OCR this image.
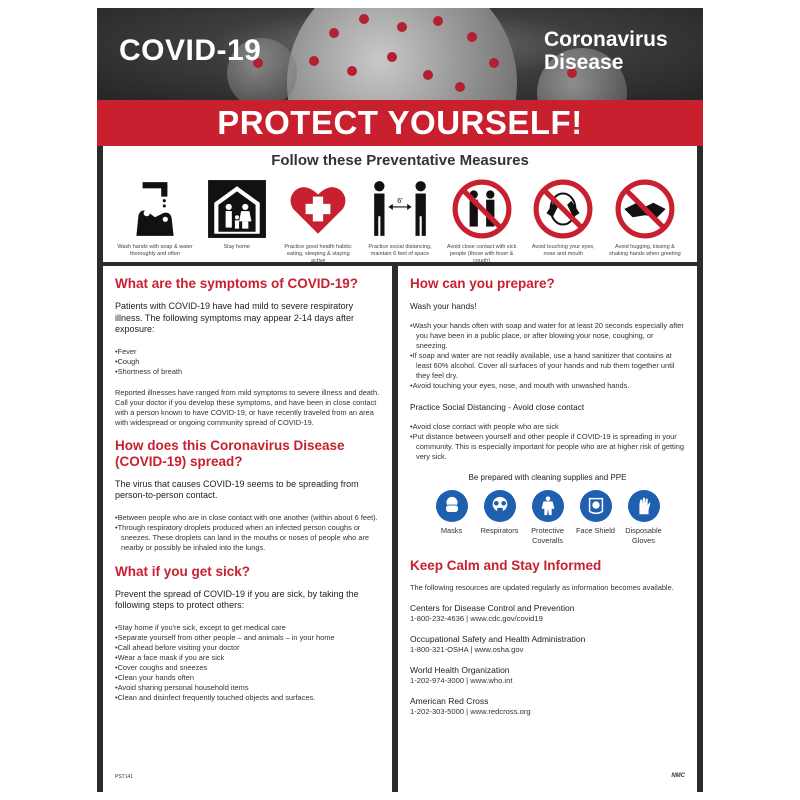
COVID-19	Coronavirus
Disease
PROTECT YOURSELF!
Follow these Preventative Measures
Wash hands with soap & water thoroughly and often
Stay home	Practice good health habits: eating, sleeping & staying active
6'
Practice social distancing, maintain 6 feet of space
Avoid close contact with sick people (those with fever & cough)
Avoid touching your eyes, nose and mouth
Avoid hugging, kissing & shaking hands when greeting
What are the symptoms of COVID-19?
Patients with COVID-19 have had mild to severe respiratory illness. The following symptoms may appear 2-14 days after exposure:
• Fever
• Cough
• Shortness of breath
Reported illnesses have ranged from mild symptoms to severe illness and death. Call your doctor if you develop these symptoms, and have been in close contact with a person known to have COVID-19, or have recently traveled from an area with widespread or ongoing community spread of COVID-19.
How does this Coronavirus Disease (COVID-19) spread?
The virus that causes COVID-19 seems to be spreading from person-to-person contact.
• Between people who are in close contact with one another (within about 6 feet).
• Through respiratory droplets produced when an infected person coughs or sneezes. These droplets can land in the mouths or noses of people who are nearby or possibly be inhaled into the lungs.
What if you get sick?
Prevent the spread of COVID-19 if you are sick, by taking the following steps to protect others:
• Stay home if you're sick, except to get medical care
• Separate yourself from other people – and animals – in your home
• Call ahead before visiting your doctor
• Wear a face mask if you are sick
• Cover coughs and sneezes
• Clean your hands often
• Avoid sharing personal household items
• Clean and disinfect frequently touched objects and surfaces.
PST141
How can you prepare?
Wash your hands!
• Wash your hands often with soap and water for at least 20 seconds especially after you have been in a public place, or after blowing your nose, coughing, or sneezing.
• If soap and water are not readily available, use a hand sanitizer that contains at least 60% alcohol. Cover all surfaces of your hands and rub them together until they feel dry.
• Avoid touching your eyes, nose, and mouth with unwashed hands.
Practice Social Distancing - Avoid close contact
• Avoid close contact with people who are sick
• Put distance between yourself and other people if COVID-19 is spreading in your community. This is especially important for people who are at higher risk of getting very sick.
Be prepared with cleaning supplies and PPE
Masks	Respirators	Protective Coveralls
Face Shield	Disposable Gloves
Keep Calm and Stay Informed
The following resources are updated regularly as information becomes available.
Centers for Disease Control and Prevention
1-800-232-4636 | www.cdc.gov/covid19
Occupational Safety and Health Administration
1-800-321-OSHA | www.osha.gov
World Health Organization
1-202-974-3000 | www.who.int
American Red Cross
1-202-303-5000 | www.redcross.org
NMC
